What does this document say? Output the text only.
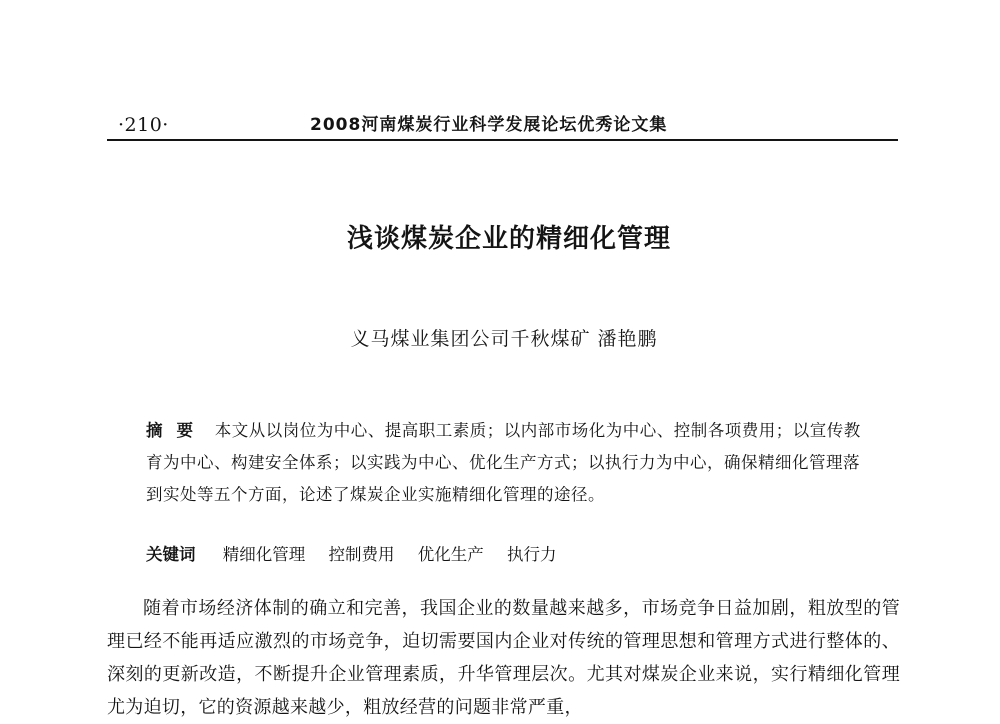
·210·	2008河南煤炭行业科学发展论坛优秀论文集
浅谈煤炭企业的精细化管理
义马煤业集团公司千秋煤矿 潘艳鹏
摘要 本文从以岗位为中心、提高职工素质；以内部市场化为中心、控制各项费用；以宣传教育为中心、构建安全体系；以实践为中心、优化生产方式；以执行力为中心，确保精细化管理落到实处等五个方面，论述了煤炭企业实施精细化管理的途径。
关键词 精细化管理 控制费用 优化生产 执行力
随着市场经济体制的确立和完善，我国企业的数量越来越多，市场竞争日益加剧，粗放型的管理已经不能再适应激烈的市场竞争，迫切需要国内企业对传统的管理思想和管理方式进行整体的、深刻的更新改造，不断提升企业管理素质，升华管理层次。尤其对煤炭企业来说，实行精细化管理尤为迫切，它的资源越来越少，粗放经营的问题非常严重，
